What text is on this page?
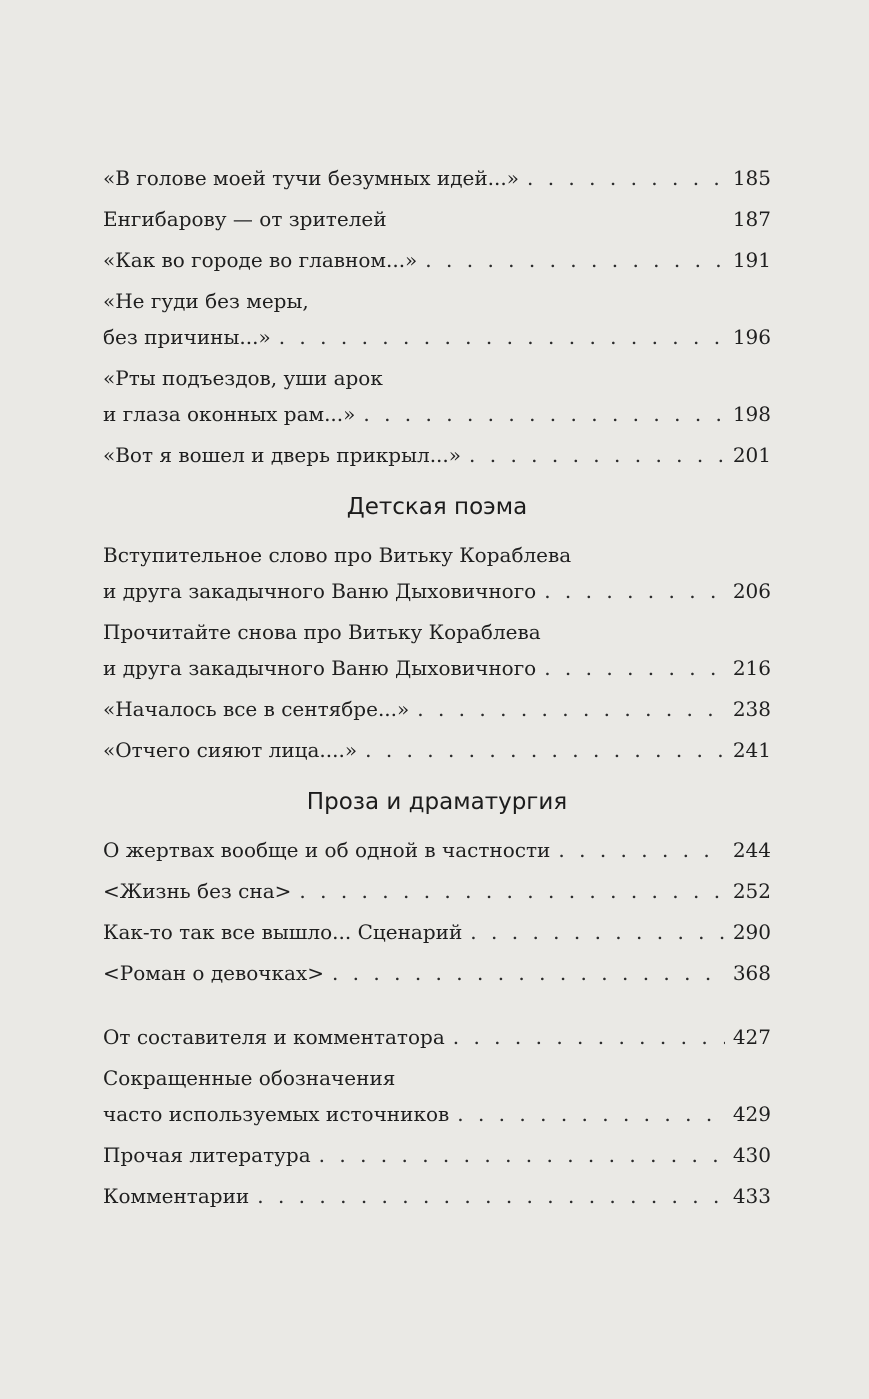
«В голове моей тучи безумных идей...» . . .	185
Енгибарову — от зрителей	187
«Как во городе во главном...» . . .	191
«Не гуди без меры,
без причины...» . . .	196
«Рты подъездов, уши арок
и глаза оконных рам...» . . .	198
«Вот я вошел и дверь прикрыл...» . . .	201
Детская поэма
Вступительное слово про Витьку Кораблева
и друга закадычного Ваню Дыховичного . . .	206
Прочитайте снова про Витьку Кораблева
и друга закадычного Ваню Дыховичного . . .	216
«Началось все в сентябре...» . . .	238
«Отчего сияют лица....» . . .	241
Проза и драматургия
О жертвах вообще и об одной в частности . . .	244
<Жизнь без сна> . . .	252
Как-то так все вышло... Сценарий . . .	290
<Роман о девочках> . . .	368
От составителя и комментатора . . .	427
Сокращенные обозначения
часто используемых источников . . .	429
Прочая литература . . .	430
Комментарии . . .	433
